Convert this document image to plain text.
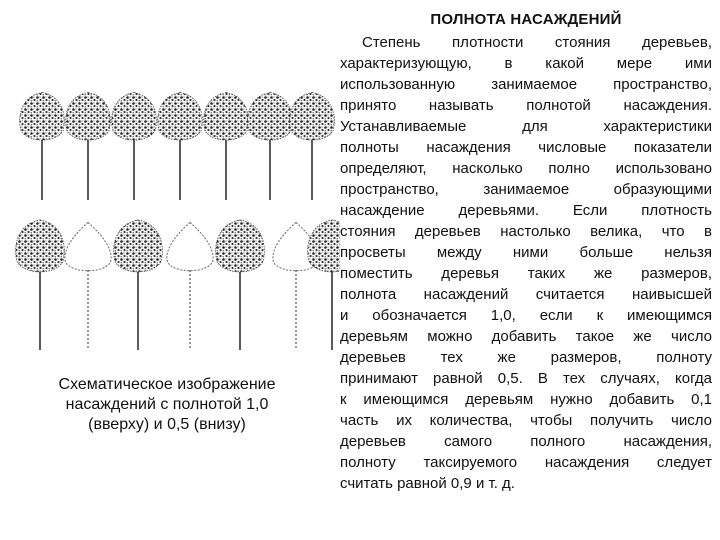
Схематическое изображение
насаждений с полнотой 1,0
(вверху) и 0,5 (внизу)
ПОЛНОТА НАСАЖДЕНИЙ
Степень плотности стояния деревьев,
характеризующую, в какой мере ими
использованную занимаемое пространство,
принято называть полнотой насаждения.
Устанавливаемые для характеристики
полноты насаждения числовые показатели
определяют, насколько полно использовано
пространство, занимаемое образующими
насаждение деревьями. Если плотность
стояния деревьев настолько велика, что в
просветы между ними больше нельзя
поместить деревья таких же размеров,
полнота насаждений считается наивысшей
и обозначается 1,0, если к имеющимся
деревьям можно добавить такое же число
деревьев тех же размеров, полноту
принимают равной 0,5. В тех случаях, когда
к имеющимся деревьям нужно добавить 0,1
часть их количества, чтобы получить число
деревьев самого полного насаждения,
полноту таксируемого насаждения следует
считать равной 0,9 и т. д.
